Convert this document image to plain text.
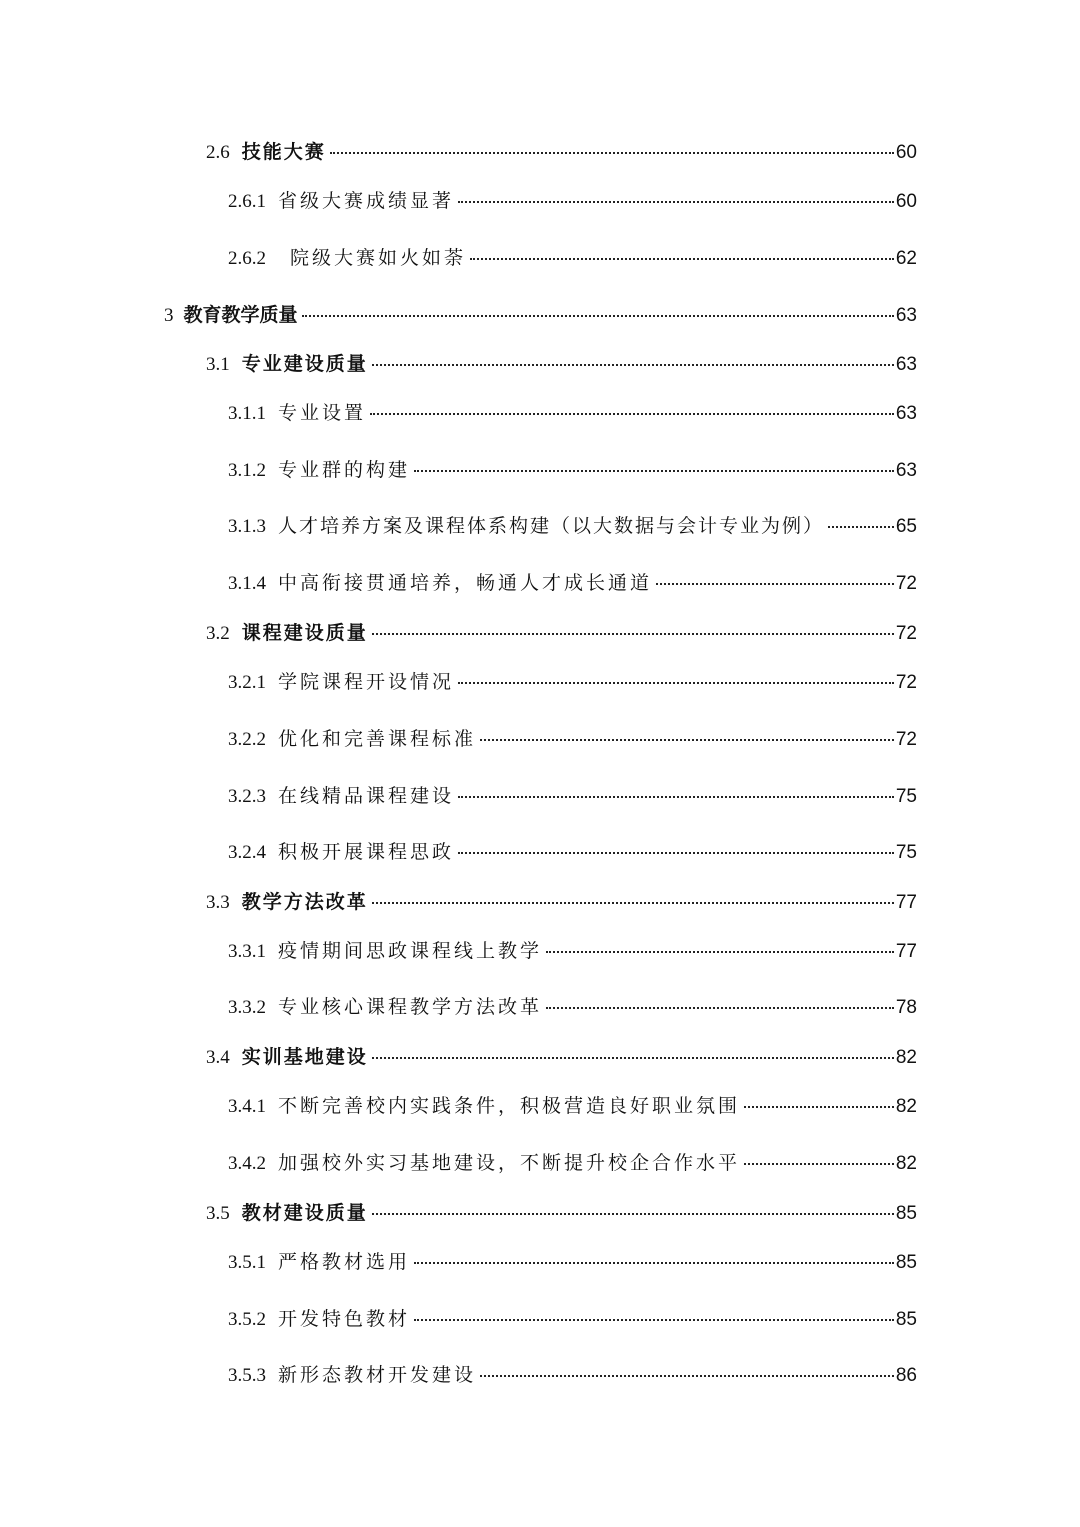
2.6 技能大赛	60
2.6.1 省级大赛成绩显著	60
2.6.2 院级大赛如火如荼	62
3 教育教学质量	63
3.1 专业建设质量	63
3.1.1 专业设置	63
3.1.2 专业群的构建	63
3.1.3 人才培养方案及课程体系构建（以大数据与会计专业为例）	65
3.1.4 中高衔接贯通培养，畅通人才成长通道	72
3.2 课程建设质量	72
3.2.1 学院课程开设情况	72
3.2.2 优化和完善课程标准	72
3.2.3 在线精品课程建设	75
3.2.4 积极开展课程思政	75
3.3 教学方法改革	77
3.3.1 疫情期间思政课程线上教学	77
3.3.2 专业核心课程教学方法改革	78
3.4 实训基地建设	82
3.4.1 不断完善校内实践条件，积极营造良好职业氛围	82
3.4.2 加强校外实习基地建设，不断提升校企合作水平	82
3.5 教材建设质量	85
3.5.1 严格教材选用	85
3.5.2 开发特色教材	85
3.5.3 新形态教材开发建设	86
